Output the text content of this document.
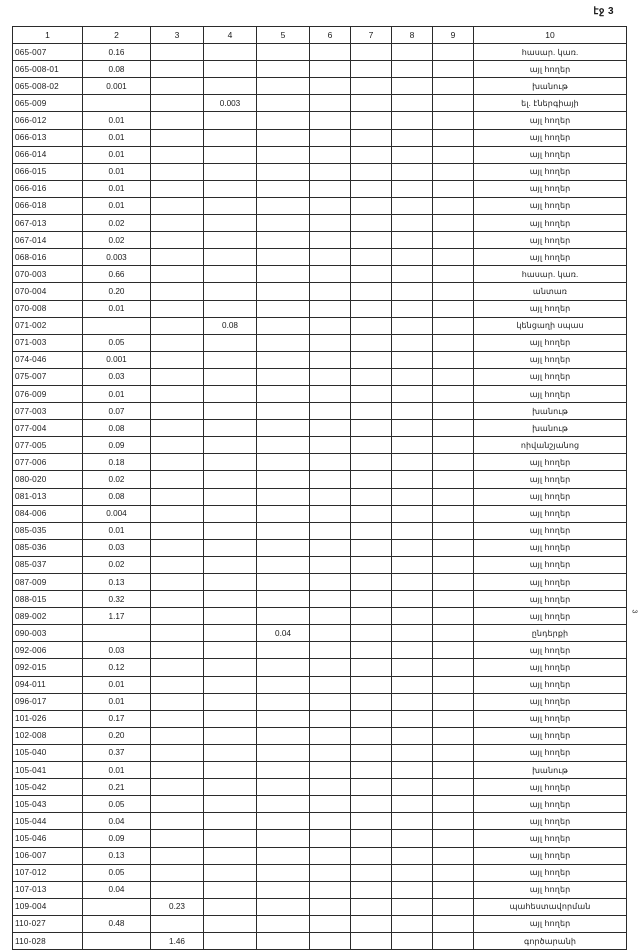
էջ 3
1	2	3	4	5	6	7	8	9	10
065-007	0.16								հասար. կառ.
065-008-01	0.08								այլ հողեր
065-008-02	0.001								խանութ
065-009			0.003						ել. էներգիայի
066-012	0.01								այլ հողեր
066-013	0.01								այլ հողեր
066-014	0.01								այլ հողեր
066-015	0.01								այլ հողեր
066-016	0.01								այլ հողեր
066-018	0.01								այլ հողեր
067-013	0.02								այլ հողեր
067-014	0.02								այլ հողեր
068-016	0.003								այլ հողեր
070-003	0.66								հասար. կառ.
070-004	0.20								անտառ
070-008	0.01								այլ հողեր
071-002			0.08						կենցաղի սպաս
071-003	0.05								այլ հողեր
074-046	0.001								այլ հողեր
075-007	0.03								այլ հողեր
076-009	0.01								այլ հողեր
077-003	0.07								խանութ
077-004	0.08								խանութ
077-005	0.09								ոիվանշյանոց
077-006	0.18								այլ հողեր
080-020	0.02								այլ հողեր
081-013	0.08								այլ հողեր
084-006	0.004								այլ հողեր
085-035	0.01								այլ հողեր
085-036	0.03								այլ հողեր
085-037	0.02								այլ հողեր
087-009	0.13								այլ հողեր
088-015	0.32								այլ հողեր
089-002	1.17								այլ հողեր
090-003				0.04					ընդերքի
092-006	0.03								այլ հողեր
092-015	0.12								այլ հողեր
094-011	0.01								այլ հողեր
096-017	0.01								այլ հողեր
101-026	0.17								այլ հողեր
102-008	0.20								այլ հողեր
105-040	0.37								այլ հողեր
105-041	0.01								խանութ
105-042	0.21								այլ հողեր
105-043	0.05								այլ հողեր
105-044	0.04								այլ հողեր
105-046	0.09								այլ հողեր
106-007	0.13								այլ հողեր
107-012	0.05								այլ հողեր
107-013	0.04								այլ հողեր
109-004		0.23							պահեստավորման
110-027	0.48								այլ հողեր
110-028		1.46							գործարանի
3
